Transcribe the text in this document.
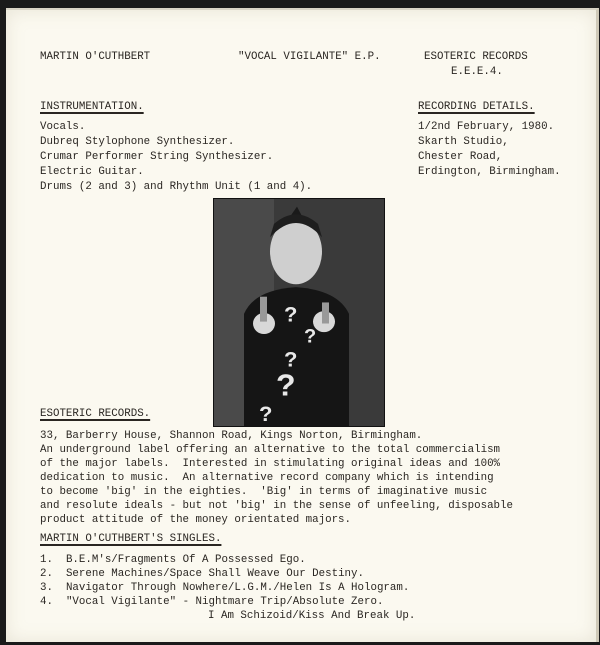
MARTIN O'CUTHBERT	"VOCAL VIGILANTE" E.P.	ESOTERIC RECORDS
E.E.E.4.
INSTRUMENTATION.
Vocals.
Dubreq Stylophone Synthesizer.
Crumar Performer String Synthesizer.
Electric Guitar.
Drums (2 and 3) and Rhythm Unit (1 and 4).
RECORDING DETAILS.
1/2nd February, 1980.
Skarth Studio,
Chester Road,
Erdington, Birmingham.
?
?
?
?
?
ESOTERIC RECORDS.
33, Barberry House, Shannon Road, Kings Norton, Birmingham.
An underground label offering an alternative to the total commercialism
of the major labels.  Interested in stimulating original ideas and 100%
dedication to music.  An alternative record company which is intending
to become 'big' in the eighties.  'Big' in terms of imaginative music
and resolute ideals - but not 'big' in the sense of unfeeling, disposable
product attitude of the money orientated majors.
MARTIN O'CUTHBERT'S SINGLES.
1. B.E.M's/Fragments Of A Possessed Ego.
2. Serene Machines/Space Shall Weave Our Destiny.
3. Navigator Through Nowhere/L.G.M./Helen Is A Hologram.
4. "Vocal Vigilante" - Nightmare Trip/Absolute Zero.
I Am Schizoid/Kiss And Break Up.
